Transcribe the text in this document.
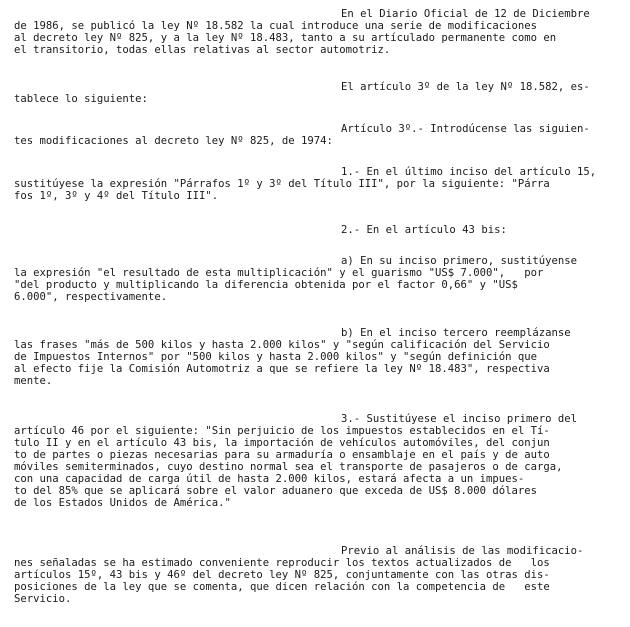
En el Diario Oficial de 12 de Diciembre
de 1986, se publicó la ley Nº 18.582 la cual introduce una serie de modificaciones
al decreto ley Nº 825, y a la ley Nº 18.483, tanto a su artículado permanente como en
el transitorio, todas ellas relativas al sector automotriz.
El artículo 3º de la ley Nº 18.582, es-
tablece lo siguiente:
Artículo 3º.- Introdúcense las siguien-
tes modificaciones al decreto ley Nº 825, de 1974:
1.- En el último inciso del artículo 15,
sustitúyese la expresión "Párrafos 1º y 3º del Título III", por la siguiente: "Párra
fos 1º, 3º y 4º del Título III".
2.- En el artículo 43 bis:
a) En su inciso primero, sustitúyense
la expresión "el resultado de esta multiplicación" y el guarismo "US$ 7.000",   por
"del producto y multiplicando la diferencia obtenida por el factor 0,66" y "US$
6.000", respectivamente.
b) En el inciso tercero reemplázanse
las frases "más de 500 kilos y hasta 2.000 kilos" y "según calificación del Servicio
de Impuestos Internos" por "500 kilos y hasta 2.000 kilos" y "según definición que
al efecto fije la Comisión Automotriz a que se refiere la ley Nº 18.483", respectiva
mente.
3.- Sustitúyese el inciso primero del
artículo 46 por el siguiente: "Sin perjuicio de los impuestos establecidos en el Tí-
tulo II y en el artículo 43 bis, la importación de vehículos automóviles, del conjun
to de partes o piezas necesarias para su armaduría o ensamblaje en el país y de auto
móviles semiterminados, cuyo destino normal sea el transporte de pasajeros o de carga,
con una capacidad de carga útil de hasta 2.000 kilos, estará afecta a un impues-
to del 85% que se aplicará sobre el valor aduanero que exceda de US$ 8.000 dólares
de los Estados Unidos de América."
Previo al análisis de las modificacio-
nes señaladas se ha estimado conveniente reproducir los textos actualizados de   los
artículos 15º, 43 bis y 46º del decreto ley Nº 825, conjuntamente con las otras dis-
posiciones de la ley que se comenta, que dicen relación con la competencia de   este
Servicio.
